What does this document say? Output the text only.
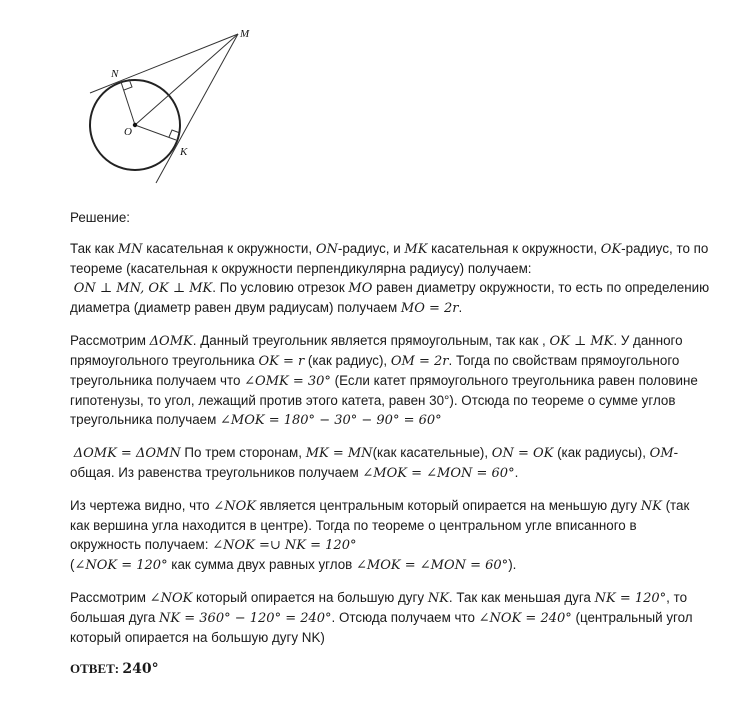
M
N
O
K
Решение:

Так как MN касательная к окружности, ON-радиус, и MK касательная к окружности, OK-радиус, то по теореме (касательная к окружности перпендикулярна радиусу) получаем:
ON ⊥ MN, OK ⊥ MK. По условию отрезок MO равен диаметру окружности, то есть по определению диаметра (диаметр равен двум радиусам) получаем MO = 2r.

Рассмотрим ΔOMK. Данный треугольник является прямоугольным, так как , OK ⊥ MK. У данного прямоугольного треугольника OK = r (как радиус), OM = 2r. Тогда по свойствам прямоугольного треугольника получаем что ∠OMK = 30° (Если катет прямоугольного треугольника равен половине гипотенузы, то угол, лежащий против этого катета, равен 30°). Отсюда по теореме о сумме углов треугольника получаем ∠MOK = 180° − 30° − 90° = 60°

ΔOMK = ΔOMN По трем сторонам, MK = MN(как касательные), ON = OK (как радиусы), OM-общая. Из равенства треугольников получаем ∠MOK = ∠MON = 60°.

Из чертежа видно, что ∠NOK является центральным который опирается на меньшую дугу NK (так как вершина угла находится в центре). Тогда по теореме о центральном угле вписанного в окружность получаем: ∠NOK =∪ NK = 120°
(∠NOK = 120° как сумма двух равных углов ∠MOK = ∠MON = 60°).

Рассмотрим ∠NOK который опирается на большую дугу NK. Так как меньшая дуга NK = 120°, то большая дуга NK = 360° − 120° = 240°. Отсюда получаем что ∠NOK = 240° (центральный угол который опирается на большую дугу NK)

ОТВЕТ: 240°
